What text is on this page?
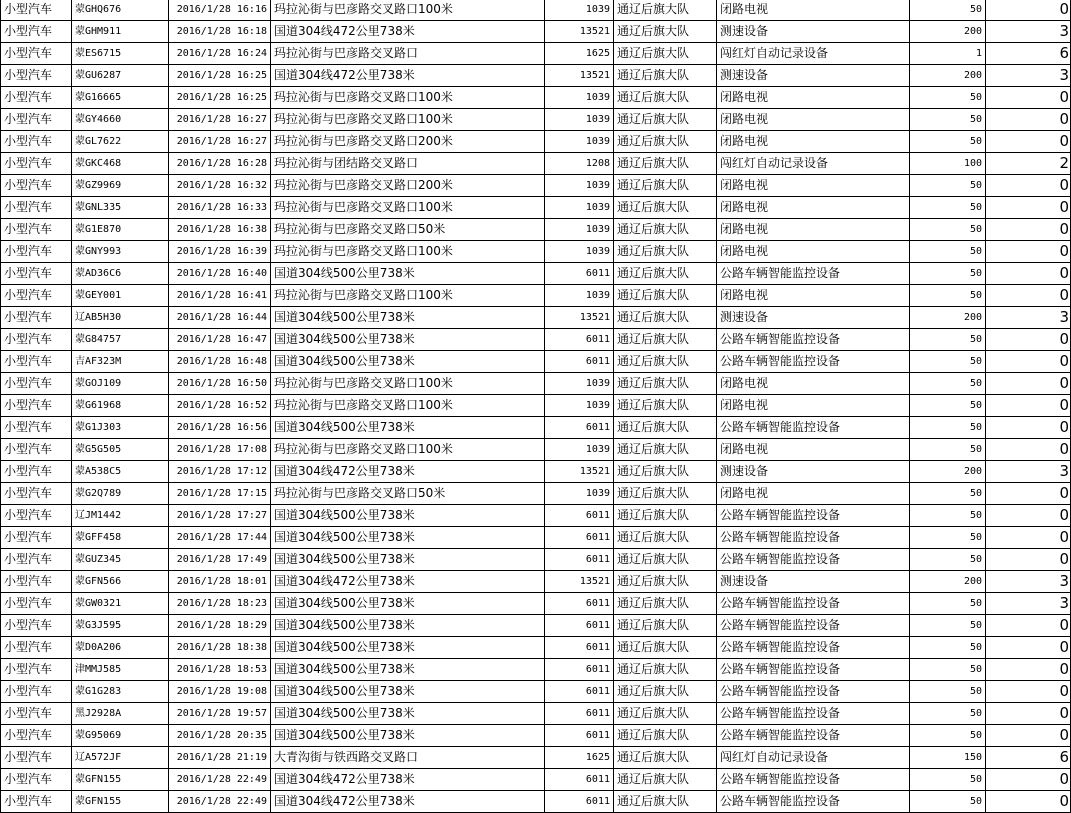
小型汽车	蒙GHQ676	2016/1/28 16:16	玛拉沁街与巴彦路交叉路口100米	1039	通辽后旗大队	闭路电视	50	0
小型汽车	蒙GHM911	2016/1/28 16:18	国道304线472公里738米	13521	通辽后旗大队	测速设备	200	3
小型汽车	蒙ES6715	2016/1/28 16:24	玛拉沁街与巴彦路交叉路口	1625	通辽后旗大队	闯红灯自动记录设备	1	6
小型汽车	蒙GU6287	2016/1/28 16:25	国道304线472公里738米	13521	通辽后旗大队	测速设备	200	3
小型汽车	蒙G16665	2016/1/28 16:25	玛拉沁街与巴彦路交叉路口100米	1039	通辽后旗大队	闭路电视	50	0
小型汽车	蒙GY4660	2016/1/28 16:27	玛拉沁街与巴彦路交叉路口100米	1039	通辽后旗大队	闭路电视	50	0
小型汽车	蒙GL7622	2016/1/28 16:27	玛拉沁街与巴彦路交叉路口200米	1039	通辽后旗大队	闭路电视	50	0
小型汽车	蒙GKC468	2016/1/28 16:28	玛拉沁街与团结路交叉路口	1208	通辽后旗大队	闯红灯自动记录设备	100	2
小型汽车	蒙GZ9969	2016/1/28 16:32	玛拉沁街与巴彦路交叉路口200米	1039	通辽后旗大队	闭路电视	50	0
小型汽车	蒙GNL335	2016/1/28 16:33	玛拉沁街与巴彦路交叉路口100米	1039	通辽后旗大队	闭路电视	50	0
小型汽车	蒙G1E870	2016/1/28 16:38	玛拉沁街与巴彦路交叉路口50米	1039	通辽后旗大队	闭路电视	50	0
小型汽车	蒙GNY993	2016/1/28 16:39	玛拉沁街与巴彦路交叉路口100米	1039	通辽后旗大队	闭路电视	50	0
小型汽车	蒙AD36C6	2016/1/28 16:40	国道304线500公里738米	6011	通辽后旗大队	公路车辆智能监控设备	50	0
小型汽车	蒙GEY001	2016/1/28 16:41	玛拉沁街与巴彦路交叉路口100米	1039	通辽后旗大队	闭路电视	50	0
小型汽车	辽AB5H30	2016/1/28 16:44	国道304线500公里738米	13521	通辽后旗大队	测速设备	200	3
小型汽车	蒙G84757	2016/1/28 16:47	国道304线500公里738米	6011	通辽后旗大队	公路车辆智能监控设备	50	0
小型汽车	吉AF323M	2016/1/28 16:48	国道304线500公里738米	6011	通辽后旗大队	公路车辆智能监控设备	50	0
小型汽车	蒙GOJ109	2016/1/28 16:50	玛拉沁街与巴彦路交叉路口100米	1039	通辽后旗大队	闭路电视	50	0
小型汽车	蒙G61968	2016/1/28 16:52	玛拉沁街与巴彦路交叉路口100米	1039	通辽后旗大队	闭路电视	50	0
小型汽车	蒙G1J303	2016/1/28 16:56	国道304线500公里738米	6011	通辽后旗大队	公路车辆智能监控设备	50	0
小型汽车	蒙G5G505	2016/1/28 17:08	玛拉沁街与巴彦路交叉路口100米	1039	通辽后旗大队	闭路电视	50	0
小型汽车	蒙A538C5	2016/1/28 17:12	国道304线472公里738米	13521	通辽后旗大队	测速设备	200	3
小型汽车	蒙G2Q789	2016/1/28 17:15	玛拉沁街与巴彦路交叉路口50米	1039	通辽后旗大队	闭路电视	50	0
小型汽车	辽JM1442	2016/1/28 17:27	国道304线500公里738米	6011	通辽后旗大队	公路车辆智能监控设备	50	0
小型汽车	蒙GFF458	2016/1/28 17:44	国道304线500公里738米	6011	通辽后旗大队	公路车辆智能监控设备	50	0
小型汽车	蒙GUZ345	2016/1/28 17:49	国道304线500公里738米	6011	通辽后旗大队	公路车辆智能监控设备	50	0
小型汽车	蒙GFN566	2016/1/28 18:01	国道304线472公里738米	13521	通辽后旗大队	测速设备	200	3
小型汽车	蒙GW0321	2016/1/28 18:23	国道304线500公里738米	6011	通辽后旗大队	公路车辆智能监控设备	50	3
小型汽车	蒙G3J595	2016/1/28 18:29	国道304线500公里738米	6011	通辽后旗大队	公路车辆智能监控设备	50	0
小型汽车	蒙D0A206	2016/1/28 18:38	国道304线500公里738米	6011	通辽后旗大队	公路车辆智能监控设备	50	0
小型汽车	津MMJ585	2016/1/28 18:53	国道304线500公里738米	6011	通辽后旗大队	公路车辆智能监控设备	50	0
小型汽车	蒙G1G283	2016/1/28 19:08	国道304线500公里738米	6011	通辽后旗大队	公路车辆智能监控设备	50	0
小型汽车	黑J2928A	2016/1/28 19:57	国道304线500公里738米	6011	通辽后旗大队	公路车辆智能监控设备	50	0
小型汽车	蒙G95069	2016/1/28 20:35	国道304线500公里738米	6011	通辽后旗大队	公路车辆智能监控设备	50	0
小型汽车	辽A572JF	2016/1/28 21:19	大青沟街与铁西路交叉路口	1625	通辽后旗大队	闯红灯自动记录设备	150	6
小型汽车	蒙GFN155	2016/1/28 22:49	国道304线472公里738米	6011	通辽后旗大队	公路车辆智能监控设备	50	0
小型汽车	蒙GFN155	2016/1/28 22:49	国道304线472公里738米	6011	通辽后旗大队	公路车辆智能监控设备	50	0
